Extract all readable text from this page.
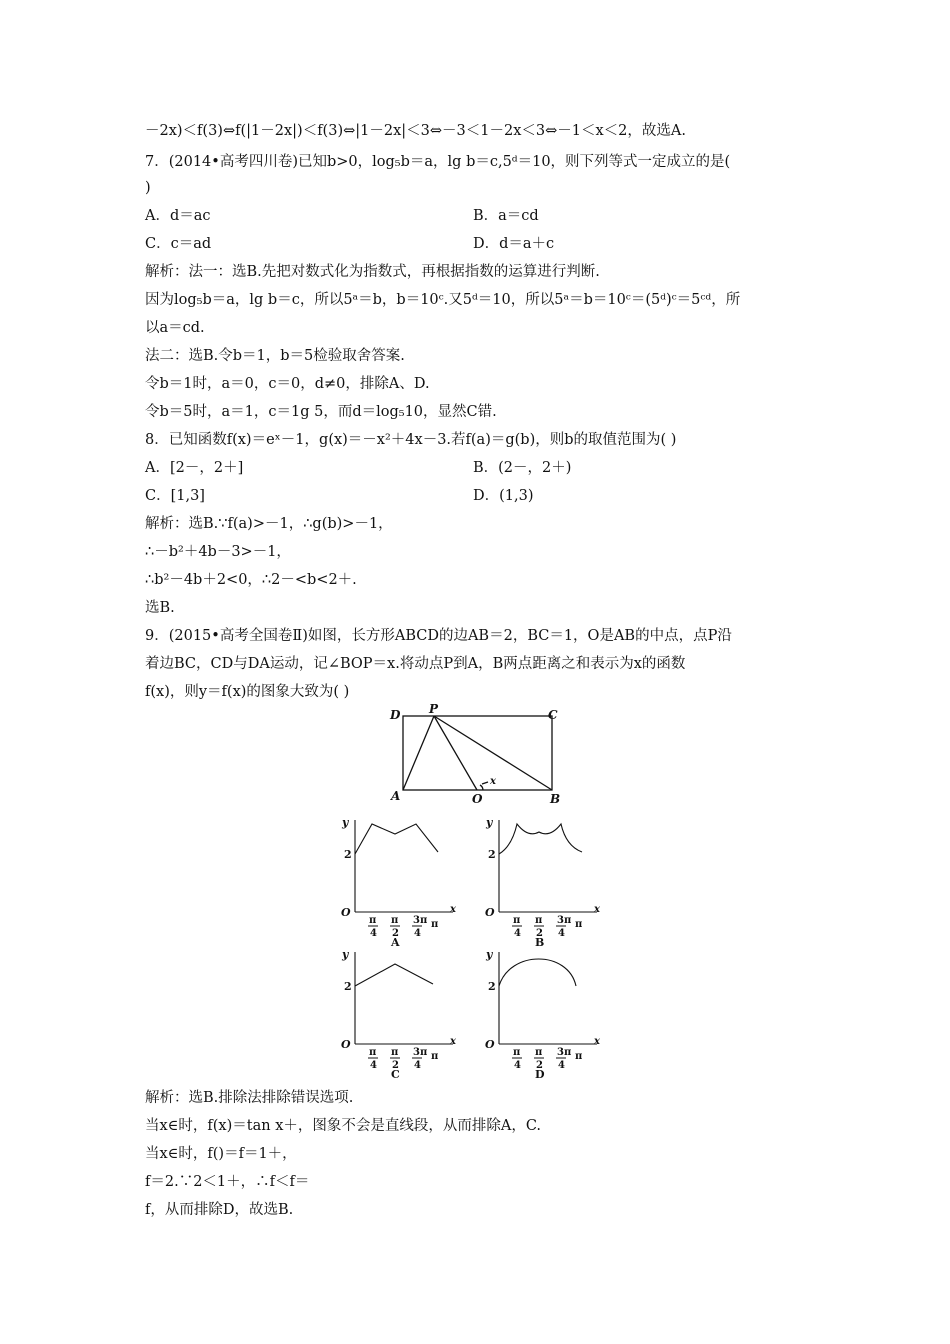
－2x)＜f(3)⇔f(|1－2x|)＜f(3)⇔|1－2x|＜3⇔－3＜1－2x＜3⇔－1＜x＜2，故选A.
7．(2014•高考四川卷)已知b>0，log₅b＝a，lg b＝c,5ᵈ＝10，则下列等式一定成立的是(
)
A．d＝ac	B．a＝cd
C．c＝ad	D．d＝a＋c
解析：法一：选B.先把对数式化为指数式，再根据指数的运算进行判断.
因为log₅b＝a，lg b＝c，所以5ᵃ＝b，b＝10ᶜ.又5ᵈ＝10，所以5ᵃ＝b＝10ᶜ＝(5ᵈ)ᶜ＝5ᶜᵈ，所
以a＝cd.
法二：选B.令b＝1，b＝5检验取舍答案.
令b＝1时，a＝0，c＝0，d≠0，排除A、D.
令b＝5时，a＝1，c＝1g 5，而d＝log₅10，显然C错.
8．已知函数f(x)＝eˣ－1，g(x)＝－x²＋4x－3.若f(a)＝g(b)，则b的取值范围为( )
A．[2－，2＋]	B．(2－，2＋)
C．[1,3]	D．(1,3)
解析：选B.∵f(a)>－1，∴g(b)>－1，
∴－b²＋4b－3>－1，
∴b²－4b＋2<0，∴2－<b<2＋.
选B.
9．(2015•高考全国卷Ⅱ)如图，长方形ABCD的边AB＝2，BC＝1，O是AB的中点，点P沿
着边BC，CD与DA运动，记∠BOP＝x.将动点P到A，B两点距离之和表示为x的函数
f(x)，则y＝f(x)的图象大致为( )
D P	C
A	O	B
x
y
2
O	x
π
4
π
2
3π
4
π
A
y
2
O	x
π
4
π
2
3π
4
π
B
y
2
O	x
π
4
π
2
3π
4
π
C
y
2
O	x
π
4
π
2
3π
4
π
D
解析：选B.排除法排除错误选项.
当x∈时，f(x)＝tan x＋，图象不会是直线段，从而排除A，C.
当x∈时，f()＝f＝1＋，
f＝2.∵2＜1＋，∴f＜f＝
f，从而排除D，故选B.
